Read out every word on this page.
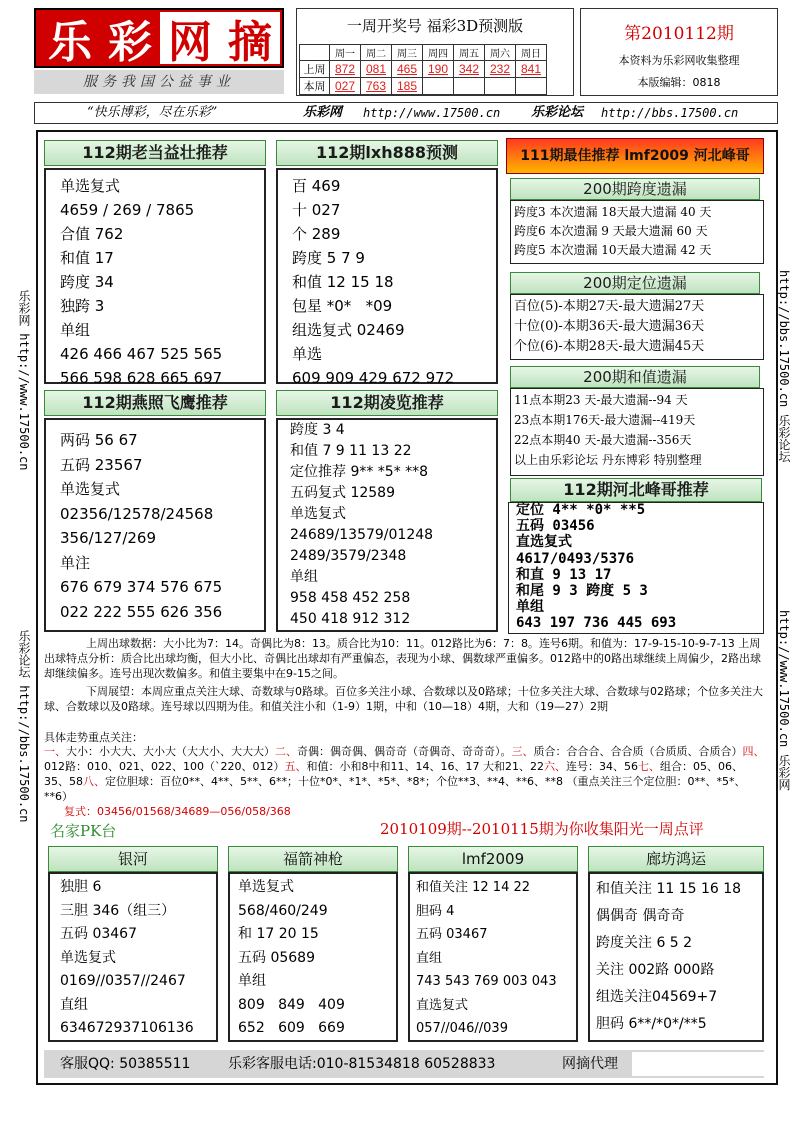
乐 彩 网 摘
服务我国公益事业
一周开奖号 福彩3D预测版
	周一	周二	周三	周四	周五	周六	周日
上周	872	081	465	190	342	232	841
本周	027	763	185				
第2010112期
本资料为乐彩网收集整理
本版编辑：0818
“快乐博彩，尽在乐彩”	乐彩网 http://www.17500.cn 乐彩论坛 http://bbs.17500.cn
乐彩网 http://www.17500.cn
乐彩论坛 http://bbs.17500.cn
http://bbs.17500.cn 乐彩论坛
http://www.17500.cn 乐彩网
112期老当益壮推荐
单选复式
4659 / 269 / 7865
合值 762
和值 17
跨度 34
独跨 3
单组
426 466 467 525 565
566 598 628 665 697
112期lxh888预测
百 469
十 027
个 289
跨度 5 7 9
和值 12 15 18
包星 *0*   *09
组选复式 02469
单选
609 909 429 672 972
112期燕照飞鹰推荐
两码 56 67
五码 23567
单选复式
02356/12578/24568
356/127/269
单注
676 679 374 576 675
022 222 555 626 356
112期凌览推荐
跨度 3 4
和值 7 9 11 13 22
定位推荐 9** *5* **8
五码复式 12589
单选复式
24689/13579/01248
2489/3579/2348
单组
958 458 452 258
450 418 912 312
111期最佳推荐 lmf2009 河北峰哥
200期跨度遗漏
跨度3 本次遗漏 18天最大遗漏 40 天
跨度6 本次遗漏 9 天最大遗漏 60 天
跨度5 本次遗漏 10天最大遗漏 42 天
200期定位遗漏
百位(5)-本期27天-最大遗漏27天
十位(0)-本期36天-最大遗漏36天
个位(6)-本期28天-最大遗漏45天
200期和值遗漏
11点本期23 天-最大遗漏--94 天
23点本期176天-最大遗漏--419天
22点本期40 天-最大遗漏--356天
以上由乐彩论坛 丹东博彩 特别整理
112期河北峰哥推荐
定位 4** *0* **5
五码 03456
直选复式
4617/0493/5376
和直 9 13 17
和尾 9 3 跨度 5 3
单组
643 197 736 445 693
上周出球数据：大小比为7：14。奇偶比为8：13。质合比为10：11。012路比为6：7：8。连号6期。和值为：17-9-15-10-9-7-13 上周出球特点分析：质合比出球均衡，但大小比、奇偶比出球却有严重偏态，表现为小球、偶数球严重偏多。012路中的0路出球继续上周偏少，2路出球却继续偏多。连号出现次数偏多。和值主要集中在9-15之间。
下周展望：本周应重点关注大球、奇数球与0路球。百位多关注小球、合数球以及0路球；十位多关注大球、合数球与02路球；个位多关注大球、合数球以及0路球。连号球以四期为佳。和值关注小和（1-9）1期，中和（10—18）4期，大和（19—27）2期
具体走势重点关注：
一、大小：小大大、大小大（大大小、大大大）二、奇偶：偶奇偶、偶奇奇（奇偶奇、奇奇奇）。三、质合：合合合、合合质（合质质、合质合）四、012路：010、021、022、100（`220、012）五、和值：小和8中和11、14、16、17 大和21、22六、连号：34、56七、组合：05、06、35、58八、定位胆球：百位0**、4**、5**、6**；十位*0*、*1*、*5*、*8*；个位**3、**4、**6、**8 （重点关注三个定位胆：0**、*5*、**6）
复式：03456/01568/34689—056/058/368
名家PK台	2010109期--2010115期为你收集阳光一周点评
银河
独胆 6
三胆 346（组三）
五码 03467
单选复式
0169//0357//2467
直组
634672937106136
福箭神枪
单选复式
568/460/249
和 17 20 15
五码 05689
单组
809   849   409
652   609   669
lmf2009
和值关注 12 14 22
胆码 4
五码 03467
直组
743 543 769 003 043
直选复式
057//046//039
廊坊鸿运
和值关注 11 15 16 18
偶偶奇 偶奇奇
跨度关注 6 5 2
关注 002路 000路
组选关注04569+7
胆码 6**/*0*/**5
客服QQ: 50385511	乐彩客服电话:010-81534818 60528833	网摘代理
